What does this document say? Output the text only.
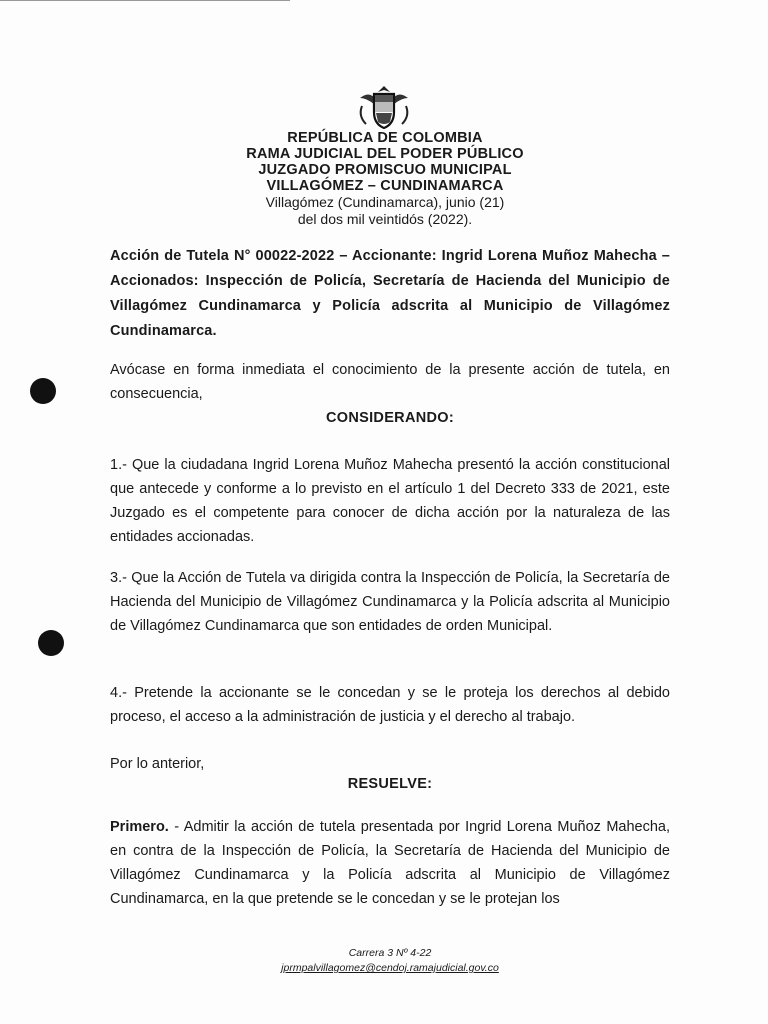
REPÚBLICA DE COLOMBIA
RAMA JUDICIAL DEL PODER PÚBLICO
JUZGADO PROMISCUO MUNICIPAL
VILLAGÓMEZ – CUNDINAMARCA
Villagómez (Cundinamarca), junio (21)
del dos mil veintidós (2022).
Acción de Tutela N° 00022-2022 – Accionante: Ingrid Lorena Muñoz Mahecha – Accionados: Inspección de Policía, Secretaría de Hacienda del Municipio de Villagómez Cundinamarca y Policía adscrita al Municipio de Villagómez Cundinamarca.
Avócase en forma inmediata el conocimiento de la presente acción de tutela, en consecuencia,
CONSIDERANDO:
1.- Que la ciudadana Ingrid Lorena Muñoz Mahecha presentó la acción constitucional que antecede y conforme a lo previsto en el artículo 1 del Decreto 333 de 2021, este Juzgado es el competente para conocer de dicha acción por la naturaleza de las entidades accionadas.
3.- Que la Acción de Tutela va dirigida contra la Inspección de Policía, la Secretaría de Hacienda del Municipio de Villagómez Cundinamarca y la Policía adscrita al Municipio de Villagómez Cundinamarca que son entidades de orden Municipal.
4.- Pretende la accionante se le concedan y se le proteja los derechos al debido proceso, el acceso a la administración de justicia y el derecho al trabajo.
Por lo anterior,
RESUELVE:
Primero. - Admitir la acción de tutela presentada por Ingrid Lorena Muñoz Mahecha, en contra de la Inspección de Policía, la Secretaría de Hacienda del Municipio de Villagómez Cundinamarca y la Policía adscrita al Municipio de Villagómez Cundinamarca, en la que pretende se le concedan y se le protejan los
Carrera 3 Nº 4-22
jprmpalvillagomez@cendoj.ramajudicial.gov.co
